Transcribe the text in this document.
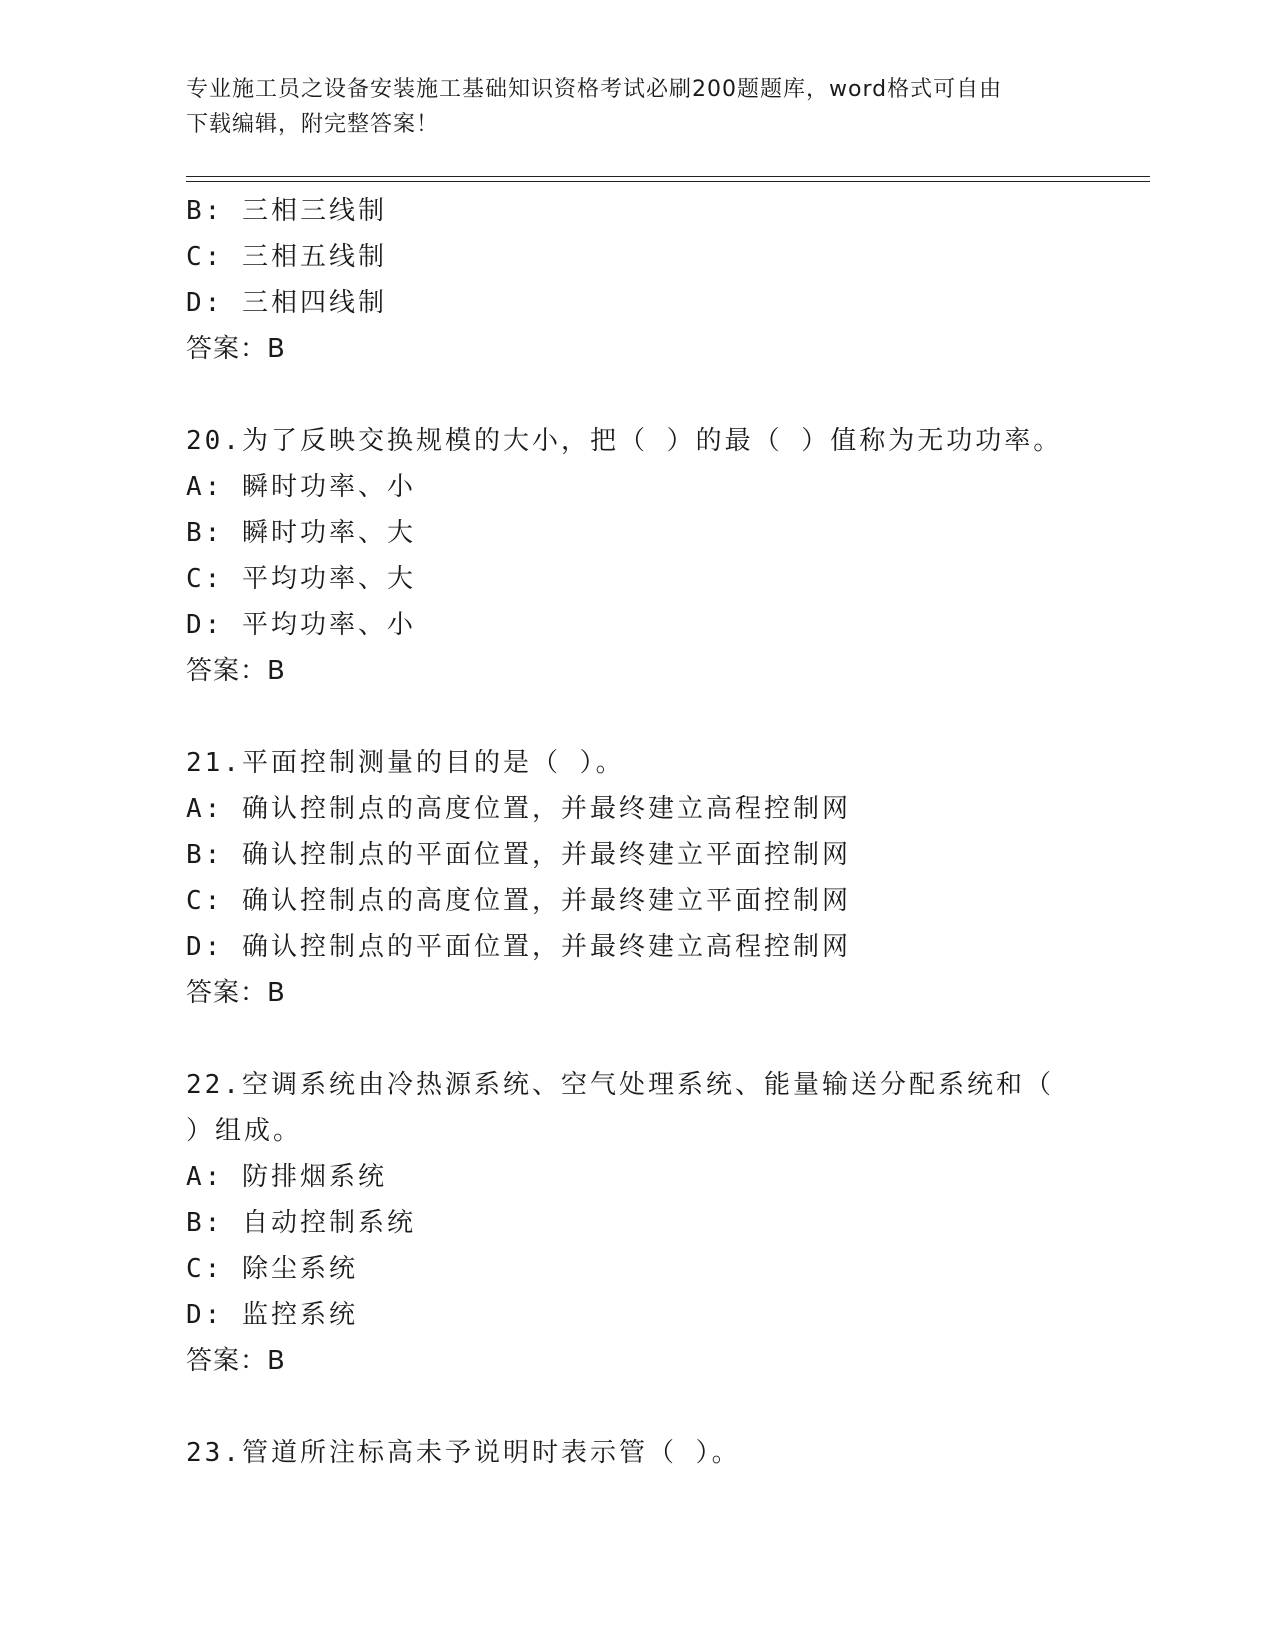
专业施工员之设备安装施工基础知识资格考试必刷200题题库，word格式可自由
下载编辑，附完整答案！
B: 三相三线制
C: 三相五线制
D: 三相四线制
答案：B
20.为了反映交换规模的大小，把（ ）的最（ ）值称为无功功率。
A: 瞬时功率、小
B: 瞬时功率、大
C: 平均功率、大
D: 平均功率、小
答案：B
21.平面控制测量的目的是（ ）。
A: 确认控制点的高度位置，并最终建立高程控制网
B: 确认控制点的平面位置，并最终建立平面控制网
C: 确认控制点的高度位置，并最终建立平面控制网
D: 确认控制点的平面位置，并最终建立高程控制网
答案：B
22.空调系统由冷热源系统、空气处理系统、能量输送分配系统和（
）组成。
A: 防排烟系统
B: 自动控制系统
C: 除尘系统
D: 监控系统
答案：B
23.管道所注标高未予说明时表示管（ ）。
